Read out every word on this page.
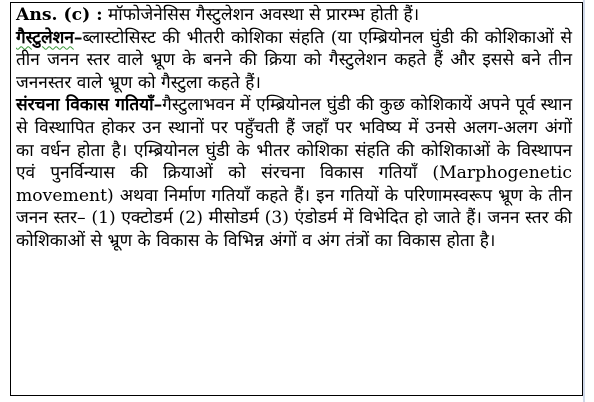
Ans. (c) : मॉफोजेनेसिस गैस्टुलेशन अवस्था से प्रारम्भ होती हैं।

गैस्टुलेशन–ब्लास्टोसिस्ट की भीतरी कोशिका संहति (या एम्ब्रियोनल घुंडी की कोशिकाओं से तीन जनन स्तर वाले भ्रूण के बनने की क्रिया को गैस्टुलेशन कहते हैं और इससे बने तीन जननस्तर वाले भ्रूण को गैस्टुला कहते हैं।

संरचना विकास गतियाँ–गैस्टुलाभवन में एम्ब्रियोनल घुंडी की कुछ कोशिकायें अपने पूर्व स्थान से विस्थापित होकर उन स्थानों पर पहुँचती हैं जहाँ पर भविष्य में उनसे अलग-अलग अंगों का वर्धन होता है। एम्ब्रियोनल घुंडी के भीतर कोशिका संहति की कोशिकाओं के विस्थापन एवं पुनर्विन्यास की क्रियाओं को संरचना विकास गतियाँ (Marphogenetic movement) अथवा निर्माण गतियाँ कहते हैं। इन गतियों के परिणामस्वरूप भ्रूण के तीन जनन स्तर– (1) एक्टोडर्म (2) मीसोडर्म (3) एंडोडर्म में विभेदित हो जाते हैं। जनन स्तर की कोशिकाओं से भ्रूण के विकास के विभिन्न अंगों व अंग तंत्रों का विकास होता है।
